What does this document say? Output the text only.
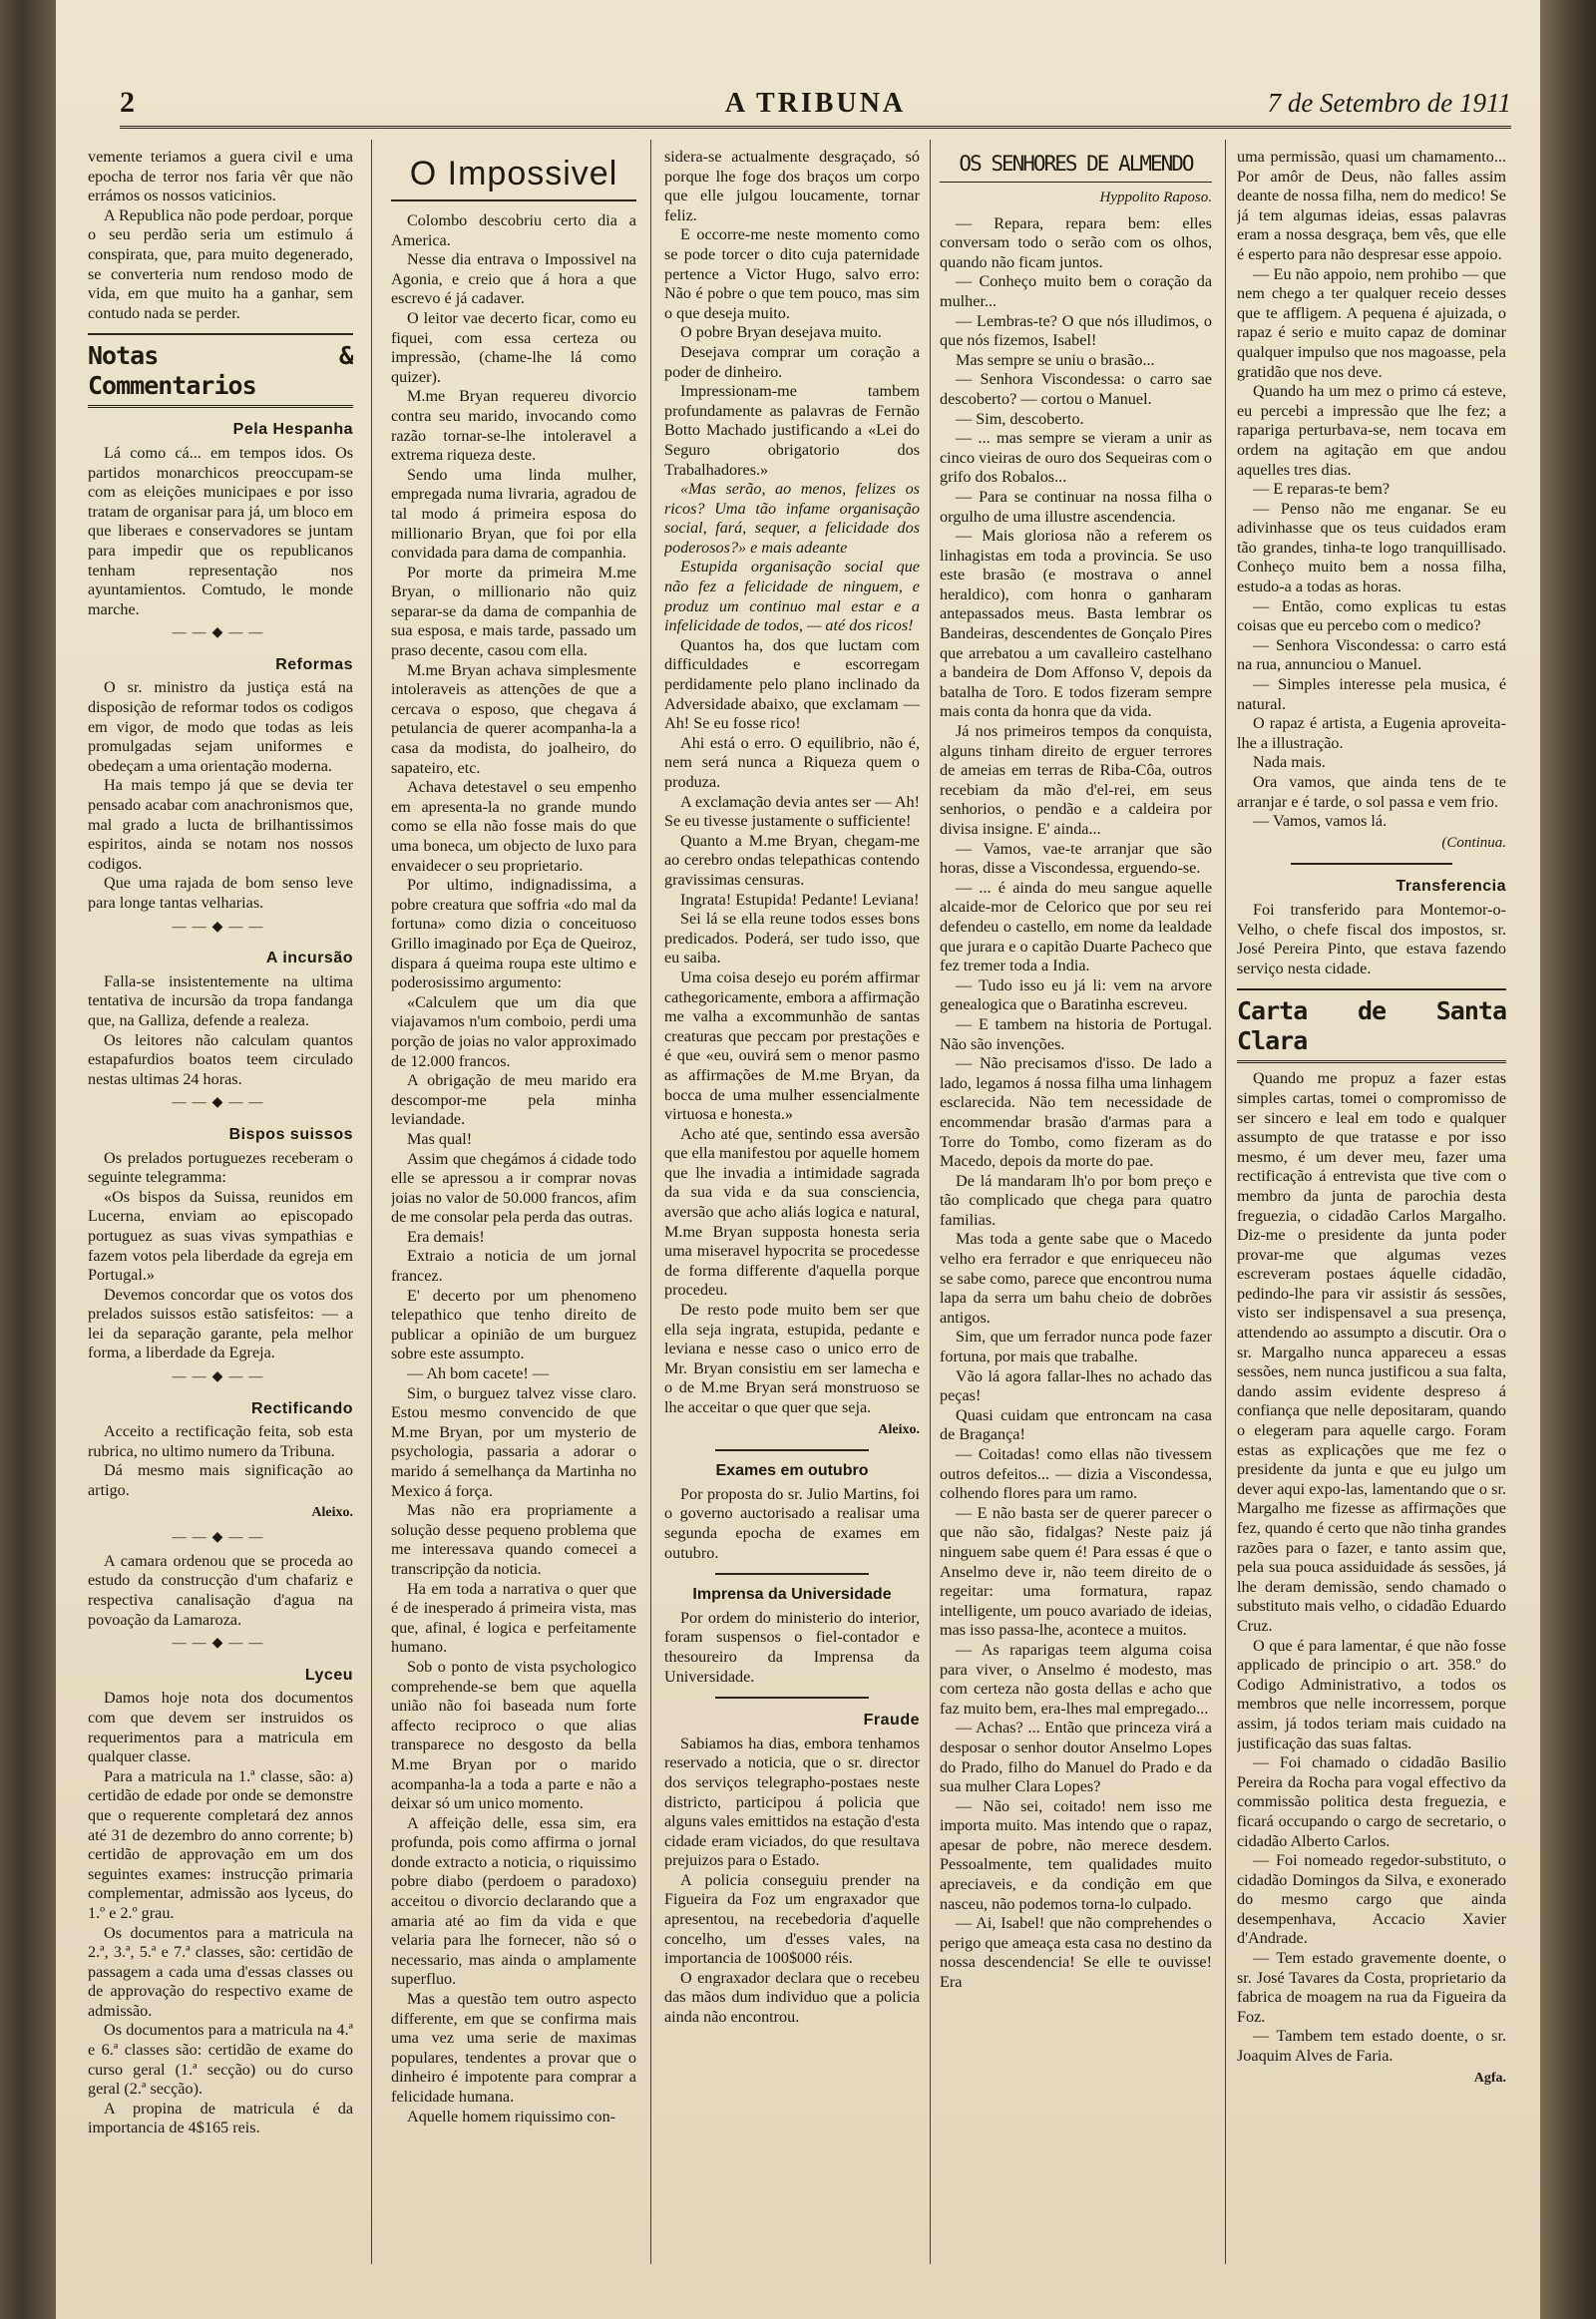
2	A TRIBUNA	7 de Setembro de 1911

vemente teriamos a guera civil e uma epocha de terror nos faria vêr que não errámos os nossos vaticinios.

A Republica não pode perdoar, porque o seu perdão seria um estimulo á conspirata, que, para muito degenerado, se converteria num rendoso modo de vida, em que muito ha a ganhar, sem contudo nada se perder.

Notas & Commentarios
Pela Hespanha

Lá como cá... em tempos idos. Os partidos monarchicos preoccupam-se com as eleições municipaes e por isso tratam de organisar para já, um bloco em que liberaes e conservadores se juntam para impedir que os republicanos tenham representação nos ayuntamientos. Comtudo, le monde marche.

——◆——
Reformas

O sr. ministro da justiça está na disposição de reformar todos os codigos em vigor, de modo que todas as leis promulgadas sejam uniformes e obedeçam a uma orientação moderna.

Ha mais tempo já que se devia ter pensado acabar com anachronismos que, mal grado a lucta de brilhantissimos espiritos, ainda se notam nos nossos codigos.

Que uma rajada de bom senso leve para longe tantas velharias.

——◆——
A incursão

Falla-se insistentemente na ultima tentativa de incursão da tropa fandanga que, na Galliza, defende a realeza.

Os leitores não calculam quantos estapafurdios boatos teem circulado nestas ultimas 24 horas.

——◆——
Bispos suissos

Os prelados portuguezes receberam o seguinte telegramma:

«Os bispos da Suissa, reunidos em Lucerna, enviam ao episcopado portuguez as suas vivas sympathias e fazem votos pela liberdade da egreja em Portugal.»

Devemos concordar que os votos dos prelados suissos estão satisfeitos: — a lei da separação garante, pela melhor forma, a liberdade da Egreja.

——◆——
Rectificando

Acceito a rectificação feita, sob esta rubrica, no ultimo numero da Tribuna.

Dá mesmo mais significação ao artigo.

Aleixo.
——◆——

A camara ordenou que se proceda ao estudo da construcção d'um chafariz e respectiva canalisação d'agua na povoação da Lamaroza.

——◆——
Lyceu

Damos hoje nota dos documentos com que devem ser instruidos os requerimentos para a matricula em qualquer classe.

Para a matricula na 1.ª classe, são: a) certidão de edade por onde se demonstre que o requerente completará dez annos até 31 de dezembro do anno corrente; b) certidão de approvação em um dos seguintes exames: instrucção primaria complementar, admissão aos lyceus, do 1.º e 2.º grau.

Os documentos para a matricula na 2.ª, 3.ª, 5.ª e 7.ª classes, são: certidão de passagem a cada uma d'essas classes ou de approvação do respectivo exame de admissão.

Os documentos para a matricula na 4.ª e 6.ª classes são: certidão de exame do curso geral (1.ª secção) ou do curso geral (2.ª secção).

A propina de matricula é da importancia de 4$165 reis.

O Impossivel

Colombo descobriu certo dia a America.

Nesse dia entrava o Impossivel na Agonia, e creio que á hora a que escrevo é já cadaver.

O leitor vae decerto ficar, como eu fiquei, com essa certeza ou impressão, (chame-lhe lá como quizer).

M.me Bryan requereu divorcio contra seu marido, invocando como razão tornar-se-lhe intoleravel a extrema riqueza deste.

Sendo uma linda mulher, empregada numa livraria, agradou de tal modo á primeira esposa do millionario Bryan, que foi por ella convidada para dama de companhia.

Por morte da primeira M.me Bryan, o millionario não quiz separar-se da dama de companhia de sua esposa, e mais tarde, passado um praso decente, casou com ella.

M.me Bryan achava simplesmente intoleraveis as attenções de que a cercava o esposo, que chegava á petulancia de querer acompanha-la a casa da modista, do joalheiro, do sapateiro, etc.

Achava detestavel o seu empenho em apresenta-la no grande mundo como se ella não fosse mais do que uma boneca, um objecto de luxo para envaidecer o seu proprietario.

Por ultimo, indignadissima, a pobre creatura que soffria «do mal da fortuna» como dizia o conceituoso Grillo imaginado por Eça de Queiroz, dispara á queima roupa este ultimo e poderosissimo argumento:

«Calculem que um dia que viajavamos n'um comboio, perdi uma porção de joias no valor approximado de 12.000 francos.

A obrigação de meu marido era descompor-me pela minha leviandade.

Mas qual!

Assim que chegámos á cidade todo elle se apressou a ir comprar novas joias no valor de 50.000 francos, afim de me consolar pela perda das outras.

Era demais!

Extraio a noticia de um jornal francez.

E' decerto por um phenomeno telepathico que tenho direito de publicar a opinião de um burguez sobre este assumpto.

— Ah bom cacete! —

Sim, o burguez talvez visse claro. Estou mesmo convencido de que M.me Bryan, por um mysterio de psychologia, passaria a adorar o marido á semelhança da Martinha no Mexico á força.

Mas não era propriamente a solução desse pequeno problema que me interessava quando comecei a transcripção da noticia.

Ha em toda a narrativa o quer que é de inesperado á primeira vista, mas que, afinal, é logica e perfeitamente humano.

Sob o ponto de vista psychologico comprehende-se bem que aquella união não foi baseada num forte affecto reciproco o que alias transparece no desgosto da bella M.me Bryan por o marido acompanha-la a toda a parte e não a deixar só um unico momento.

A affeição delle, essa sim, era profunda, pois como affirma o jornal donde extracto a noticia, o riquissimo pobre diabo (perdoem o paradoxo) acceitou o divorcio declarando que a amaria até ao fim da vida e que velaria para lhe fornecer, não só o necessario, mas ainda o amplamente superfluo.

Mas a questão tem outro aspecto differente, em que se confirma mais uma vez uma serie de maximas populares, tendentes a provar que o dinheiro é impotente para comprar a felicidade humana.

Aquelle homem riquissimo con-

sidera-se actualmente desgraçado, só porque lhe foge dos braços um corpo que elle julgou loucamente, tornar feliz.

E occorre-me neste momento como se pode torcer o dito cuja paternidade pertence a Victor Hugo, salvo erro: Não é pobre o que tem pouco, mas sim o que deseja muito.

O pobre Bryan desejava muito.

Desejava comprar um coração a poder de dinheiro.

Impressionam-me tambem profundamente as palavras de Fernão Botto Machado justificando a «Lei do Seguro obrigatorio dos Trabalhadores.»

«Mas serão, ao menos, felizes os ricos? Uma tão infame organisação social, fará, sequer, a felicidade dos poderosos?» e mais adeante

Estupida organisação social que não fez a felicidade de ninguem, e produz um continuo mal estar e a infelicidade de todos, — até dos ricos!

Quantos ha, dos que luctam com difficuldades e escorregam perdidamente pelo plano inclinado da Adversidade abaixo, que exclamam — Ah! Se eu fosse rico!

Ahi está o erro. O equilibrio, não é, nem será nunca a Riqueza quem o produza.

A exclamação devia antes ser — Ah! Se eu tivesse justamente o sufficiente!

Quanto a M.me Bryan, chegam-me ao cerebro ondas telepathicas contendo gravissimas censuras.

Ingrata! Estupida! Pedante! Leviana!

Sei lá se ella reune todos esses bons predicados. Poderá, ser tudo isso, que eu saiba.

Uma coisa desejo eu porém affirmar cathegoricamente, embora a affirmação me valha a excommunhão de santas creaturas que peccam por prestações e é que «eu, ouvirá sem o menor pasmo as affirmações de M.me Bryan, da bocca de uma mulher essencialmente virtuosa e honesta.»

Acho até que, sentindo essa aversão que ella manifestou por aquelle homem que lhe invadia a intimidade sagrada da sua vida e da sua consciencia, aversão que acho aliás logica e natural, M.me Bryan supposta honesta seria uma miseravel hypocrita se procedesse de forma differente d'aquella porque procedeu.

De resto pode muito bem ser que ella seja ingrata, estupida, pedante e leviana e nesse caso o unico erro de Mr. Bryan consistiu em ser lamecha e o de M.me Bryan será monstruoso se lhe acceitar o que quer que seja.

Aleixo.
Exames em outubro

Por proposta do sr. Julio Martins, foi o governo auctorisado a realisar uma segunda epocha de exames em outubro.

Imprensa da Universidade

Por ordem do ministerio do interior, foram suspensos o fiel-contador e thesoureiro da Imprensa da Universidade.

Fraude

Sabiamos ha dias, embora tenhamos reservado a noticia, que o sr. director dos serviços telegrapho-postaes neste districto, participou á policia que alguns vales emittidos na estação d'esta cidade eram viciados, do que resultava prejuizos para o Estado.

A policia conseguiu prender na Figueira da Foz um engraxador que apresentou, na recebedoria d'aquelle concelho, um d'esses vales, na importancia de 100$000 réis.

O engraxador declara que o recebeu das mãos dum individuo que a policia ainda não encontrou.

OS SENHORES DE ALMENDO
Hyppolito Raposo.

— Repara, repara bem: elles conversam todo o serão com os olhos, quando não ficam juntos.

— Conheço muito bem o coração da mulher...

— Lembras-te? O que nós illudimos, o que nós fizemos, Isabel!

Mas sempre se uniu o brasão...

— Senhora Viscondessa: o carro sae descoberto? — cortou o Manuel.

— Sim, descoberto.

— ... mas sempre se vieram a unir as cinco vieiras de ouro dos Sequeiras com o grifo dos Robalos...

— Para se continuar na nossa filha o orgulho de uma illustre ascendencia.

— Mais gloriosa não a referem os linhagistas em toda a provincia. Se uso este brasão (e mostrava o annel heraldico), com honra o ganharam antepassados meus. Basta lembrar os Bandeiras, descendentes de Gonçalo Pires que arrebatou a um cavalleiro castelhano a bandeira de Dom Affonso V, depois da batalha de Toro. E todos fizeram sempre mais conta da honra que da vida.

Já nos primeiros tempos da conquista, alguns tinham direito de erguer terrores de ameias em terras de Riba-Côa, outros recebiam da mão d'el-rei, em seus senhorios, o pendão e a caldeira por divisa insigne. E' ainda...

— Vamos, vae-te arranjar que são horas, disse a Viscondessa, erguendo-se.

— ... é ainda do meu sangue aquelle alcaide-mor de Celorico que por seu rei defendeu o castello, em nome da lealdade que jurara e o capitão Duarte Pacheco que fez tremer toda a India.

— Tudo isso eu já li: vem na arvore genealogica que o Baratinha escreveu.

— E tambem na historia de Portugal. Não são invenções.

— Não precisamos d'isso. De lado a lado, legamos á nossa filha uma linhagem esclarecida. Não tem necessidade de encommendar brasão d'armas para a Torre do Tombo, como fizeram as do Macedo, depois da morte do pae.

De lá mandaram lh'o por bom preço e tão complicado que chega para quatro familias.

Mas toda a gente sabe que o Macedo velho era ferrador e que enriqueceu não se sabe como, parece que encontrou numa lapa da serra um bahu cheio de dobrões antigos.

Sim, que um ferrador nunca pode fazer fortuna, por mais que trabalhe.

Vão lá agora fallar-lhes no achado das peças!

Quasi cuidam que entroncam na casa de Bragança!

— Coitadas! como ellas não tivessem outros defeitos... — dizia a Viscondessa, colhendo flores para um ramo.

— E não basta ser de querer parecer o que não são, fidalgas? Neste paiz já ninguem sabe quem é! Para essas é que o Anselmo deve ir, não teem direito de o regeitar: uma formatura, rapaz intelligente, um pouco avariado de ideias, mas isso passa-lhe, acontece a muitos.

— As raparigas teem alguma coisa para viver, o Anselmo é modesto, mas com certeza não gosta dellas e acho que faz muito bem, era-lhes mal empregado...

— Achas? ... Então que princeza virá a desposar o senhor doutor Anselmo Lopes do Prado, filho do Manuel do Prado e da sua mulher Clara Lopes?

— Não sei, coitado! nem isso me importa muito. Mas intendo que o rapaz, apesar de pobre, não merece desdem. Pessoalmente, tem qualidades muito apreciaveis, e da condição em que nasceu, não podemos torna-lo culpado.

— Ai, Isabel! que não comprehendes o perigo que ameaça esta casa no destino da nossa descendencia! Se elle te ouvisse! Era

uma permissão, quasi um chamamento... Por amôr de Deus, não falles assim deante de nossa filha, nem do medico! Se já tem algumas ideias, essas palavras eram a nossa desgraça, bem vês, que elle é esperto para não despresar esse appoio.

— Eu não appoio, nem prohibo — que nem chego a ter qualquer receio desses que te affligem. A pequena é ajuizada, o rapaz é serio e muito capaz de dominar qualquer impulso que nos magoasse, pela gratidão que nos deve.

Quando ha um mez o primo cá esteve, eu percebi a impressão que lhe fez; a rapariga perturbava-se, nem tocava em ordem na agitação em que andou aquelles tres dias.

— E reparas-te bem?

— Penso não me enganar. Se eu adivinhasse que os teus cuidados eram tão grandes, tinha-te logo tranquillisado. Conheço muito bem a nossa filha, estudo-a a todas as horas.

— Então, como explicas tu estas coisas que eu percebo com o medico?

— Senhora Viscondessa: o carro está na rua, annunciou o Manuel.

— Simples interesse pela musica, é natural.

O rapaz é artista, a Eugenia aproveita-lhe a illustração.

Nada mais.

Ora vamos, que ainda tens de te arranjar e é tarde, o sol passa e vem frio.

— Vamos, vamos lá.

(Continua.
Transferencia

Foi transferido para Montemor-o-Velho, o chefe fiscal dos impostos, sr. José Pereira Pinto, que estava fazendo serviço nesta cidade.

Carta de Santa Clara

Quando me propuz a fazer estas simples cartas, tomei o compromisso de ser sincero e leal em todo e qualquer assumpto de que tratasse e por isso mesmo, é um dever meu, fazer uma rectificação á entrevista que tive com o membro da junta de parochia desta freguezia, o cidadão Carlos Margalho. Diz-me o presidente da junta poder provar-me que algumas vezes escreveram postaes áquelle cidadão, pedindo-lhe para vir assistir ás sessões, visto ser indispensavel a sua presença, attendendo ao assumpto a discutir. Ora o sr. Margalho nunca appareceu a essas sessões, nem nunca justificou a sua falta, dando assim evidente despreso á confiança que nelle depositaram, quando o elegeram para aquelle cargo. Foram estas as explicações que me fez o presidente da junta e que eu julgo um dever aqui expo-las, lamentando que o sr. Margalho me fizesse as affirmações que fez, quando é certo que não tinha grandes razões para o fazer, e tanto assim que, pela sua pouca assiduidade ás sessões, já lhe deram demissão, sendo chamado o substituto mais velho, o cidadão Eduardo Cruz.

O que é para lamentar, é que não fosse applicado de principio o art. 358.º do Codigo Administrativo, a todos os membros que nelle incorressem, porque assim, já todos teriam mais cuidado na justificação das suas faltas.

— Foi chamado o cidadão Basilio Pereira da Rocha para vogal effectivo da commissão politica desta freguezia, e ficará occupando o cargo de secretario, o cidadão Alberto Carlos.

— Foi nomeado regedor-substituto, o cidadão Domingos da Silva, e exonerado do mesmo cargo que ainda desempenhava, Accacio Xavier d'Andrade.

— Tem estado gravemente doente, o sr. José Tavares da Costa, proprietario da fabrica de moagem na rua da Figueira da Foz.

— Tambem tem estado doente, o sr. Joaquim Alves de Faria.

Agfa.
